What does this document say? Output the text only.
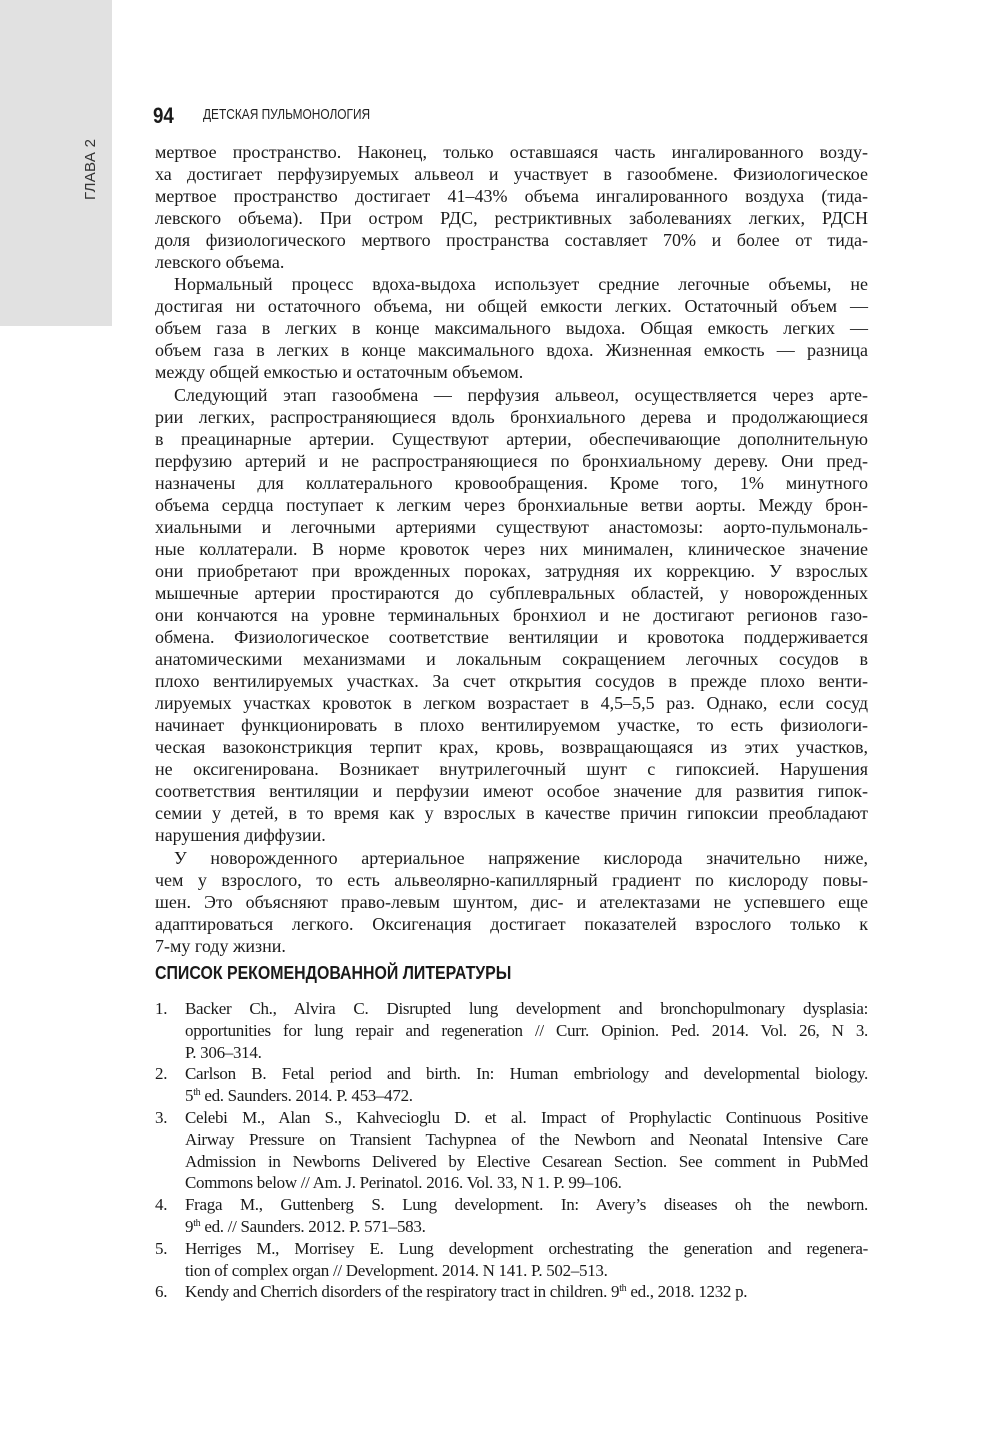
ГЛАВА 2
94 ДЕТСКАЯ ПУЛЬМОНОЛОГИЯ
мертвое пространство. Наконец, только оставшаяся часть ингалированного возду-
ха достигает перфузируемых альвеол и участвует в газообмене. Физиологическое
мертвое пространство достигает 41–43% объема ингалированного воздуха (тида-
левского объема). При остром РДС, рестриктивных заболеваниях легких, РДСН
доля физиологического мертвого пространства составляет 70% и более от тида-
левского объема.
Нормальный процесс вдоха-выдоха использует средние легочные объемы, не
достигая ни остаточного объема, ни общей емкости легких. Остаточный объем —
объем газа в легких в конце максимального выдоха. Общая емкость легких —
объем газа в легких в конце максимального вдоха. Жизненная емкость — разница
между общей емкостью и остаточным объемом.
Следующий этап газообмена — перфузия альвеол, осуществляется через арте-
рии легких, распространяющиеся вдоль бронхиального дерева и продолжающиеся
в преацинарные артерии. Существуют артерии, обеспечивающие дополнительную
перфузию артерий и не распространяющиеся по бронхиальному дереву. Они пред-
назначены для коллатерального кровообращения. Кроме того, 1% минутного
объема сердца поступает к легким через бронхиальные ветви аорты. Между брон-
хиальными и легочными артериями существуют анастомозы: аорто-пульмональ-
ные коллатерали. В норме кровоток через них минимален, клиническое значение
они приобретают при врожденных пороках, затрудняя их коррекцию. У взрослых
мышечные артерии простираются до субплевральных областей, у новорожденных
они кончаются на уровне терминальных бронхиол и не достигают регионов газо-
обмена. Физиологическое соответствие вентиляции и кровотока поддерживается
анатомическими механизмами и локальным сокращением легочных сосудов в
плохо вентилируемых участках. За счет открытия сосудов в прежде плохо венти-
лируемых участках кровоток в легком возрастает в 4,5–5,5 раз. Однако, если сосуд
начинает функционировать в плохо вентилируемом участке, то есть физиологи-
ческая вазоконстрикция терпит крах, кровь, возвращающаяся из этих участков,
не оксигенирована. Возникает внутрилегочный шунт с гипоксией. Нарушения
соответствия вентиляции и перфузии имеют особое значение для развития гипок-
семии у детей, в то время как у взрослых в качестве причин гипоксии преобладают
нарушения диффузии.
У новорожденного артериальное напряжение кислорода значительно ниже,
чем у взрослого, то есть альвеолярно-капиллярный градиент по кислороду повы-
шен. Это объясняют право-левым шунтом, дис- и ателектазами не успевшего еще
адаптироваться легкого. Оксигенация достигает показателей взрослого только к
7-му году жизни.
СПИСОК РЕКОМЕНДОВАННОЙ ЛИТЕРАТУРЫ
1. Backer Ch., Alvira C. Disrupted lung development and bronchopulmonary dysplasia:
opportunities for lung repair and regeneration // Curr. Opinion. Ped. 2014. Vol. 26, N 3.
P. 306–314.
2. Carlson B. Fetal period and birth. In: Human embriology and developmental biology.
5th ed. Saunders. 2014. P. 453–472.
3. Celebi M., Alan S., Kahvecioglu D. et al. Impact of Prophylactic Continuous Positive
Airway Pressure on Transient Tachypnea of the Newborn and Neonatal Intensive Care
Admission in Newborns Delivered by Elective Cesarean Section. See comment in PubMed
Commons below // Am. J. Perinatol. 2016. Vol. 33, N 1. P. 99–106.
4. Fraga M., Guttenberg S. Lung development. In: Avery’s diseases oh the newborn.
9th ed. // Saunders. 2012. P. 571–583.
5. Herriges M., Morrisey E. Lung development orchestrating the generation and regenera-
tion of complex organ // Development. 2014. N 141. P. 502–513.
6. Kendy and Cherrich disorders of the respiratory tract in children. 9th ed., 2018. 1232 p.
